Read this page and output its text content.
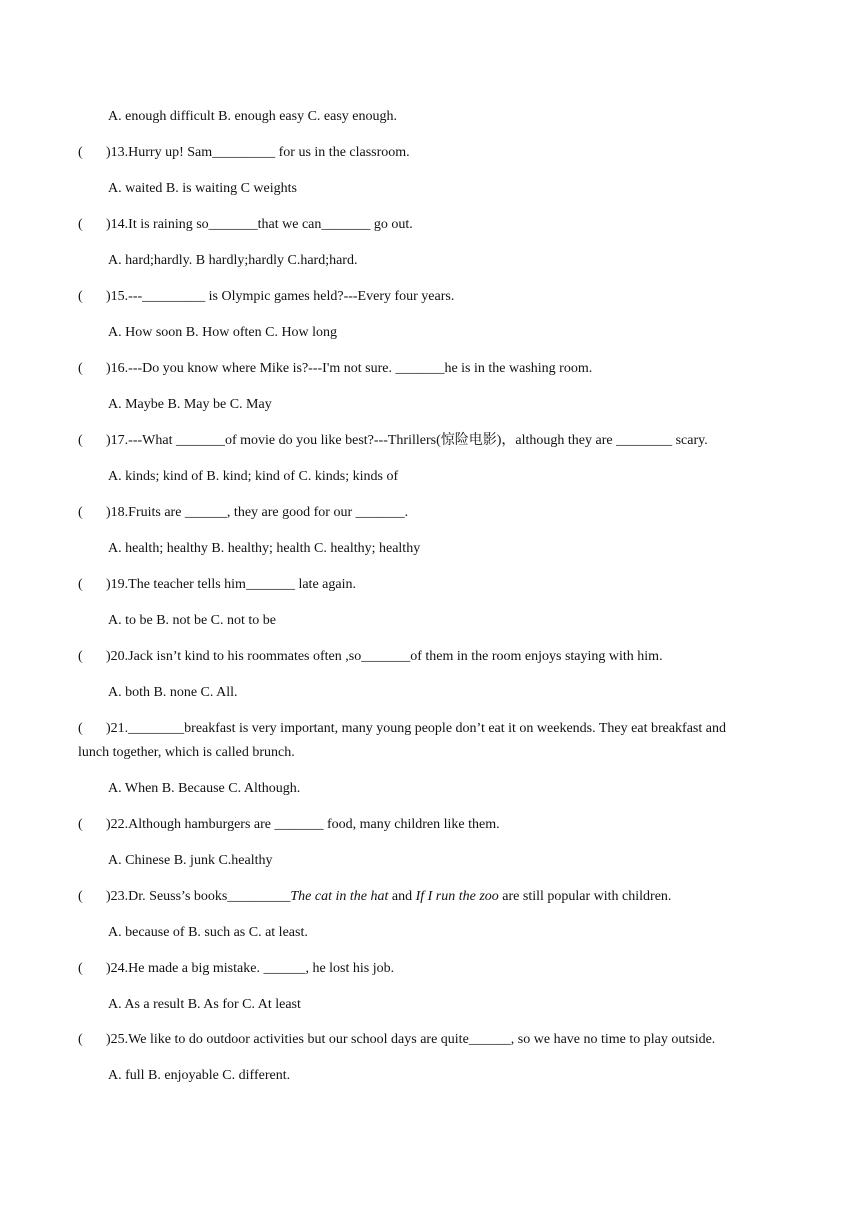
A. enough difficult B. enough easy C. easy enough.
( )13.Hurry up! Sam_________ for us in the classroom.
A. waited B. is waiting C weights
( )14.It is raining so_______that we can_______ go out.
A. hard;hardly. B hardly;hardly C.hard;hard.
( )15.---_________ is Olympic games held?---Every four years.
A. How soon B. How often C. How long
( )16.---Do you know where Mike is?---I'm not sure. _______he is in the washing room.
A. Maybe B. May be C. May
( )17.---What _______of movie do you like best?---Thrillers(惊险电影)，although they are ________ scary.
A. kinds; kind of B. kind; kind of C. kinds; kinds of
( )18.Fruits are ______, they are good for our _______.
A. health; healthy B. healthy; health C. healthy; healthy
( )19.The teacher tells him_______ late again.
A. to be B. not be C. not to be
( )20.Jack isn’t kind to his roommates often ,so_______of them in the room enjoys staying with him.
A. both B. none C. All.
( )21.________breakfast is very important, many young people don’t eat it on weekends. They eat breakfast and
lunch together, which is called brunch.
A. When B. Because C. Although.
( )22.Although hamburgers are _______ food, many children like them.
A. Chinese B. junk C.healthy
( )23.Dr. Seuss’s books_________The cat in the hat and If I run the zoo are still popular with children.
A. because of B. such as C. at least.
( )24.He made a big mistake. ______, he lost his job.
A. As a result B. As for C. At least
( )25.We like to do outdoor activities but our school days are quite______, so we have no time to play outside.
A. full B. enjoyable C. different.
